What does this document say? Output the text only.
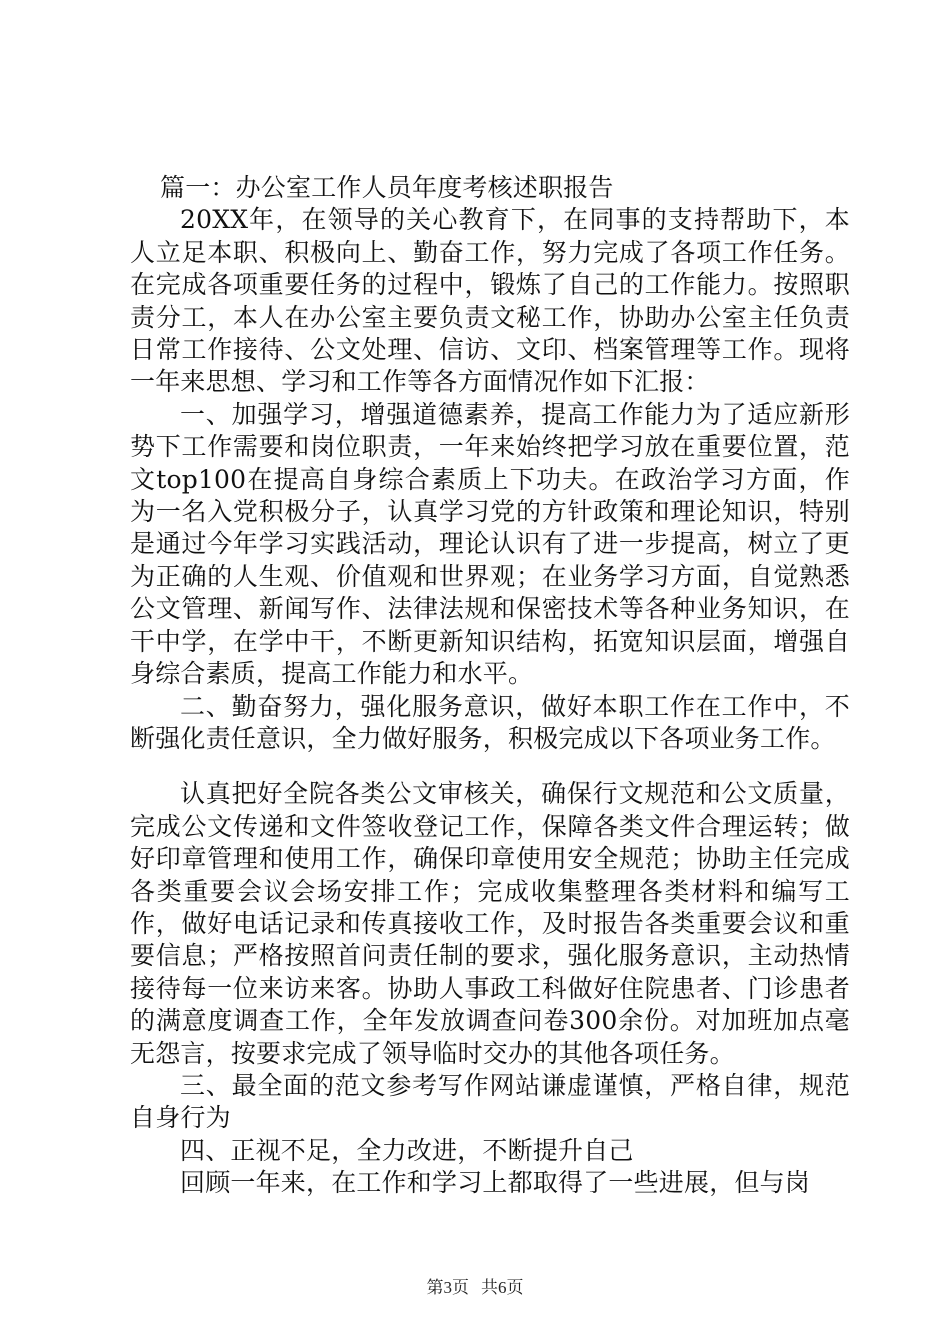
篇一：办公室工作人员年度考核述职报告

20XX年，在领导的关心教育下，在同事的支持帮助下，本人立足本职、积极向上、勤奋工作，努力完成了各项工作任务。在完成各项重要任务的过程中，锻炼了自己的工作能力。按照职责分工，本人在办公室主要负责文秘工作，协助办公室主任负责日常工作接待、公文处理、信访、文印、档案管理等工作。现将一年来思想、学习和工作等各方面情况作如下汇报：

一、加强学习，增强道德素养，提高工作能力为了适应新形势下工作需要和岗位职责，一年来始终把学习放在重要位置，范文top100在提高自身综合素质上下功夫。在政治学习方面，作为一名入党积极分子，认真学习党的方针政策和理论知识，特别是通过今年学习实践活动，理论认识有了进一步提高，树立了更为正确的人生观、价值观和世界观；在业务学习方面，自觉熟悉公文管理、新闻写作、法律法规和保密技术等各种业务知识，在干中学，在学中干，不断更新知识结构，拓宽知识层面，增强自身综合素质，提高工作能力和水平。

二、勤奋努力，强化服务意识，做好本职工作在工作中，不断强化责任意识，全力做好服务，积极完成以下各项业务工作。

认真把好全院各类公文审核关，确保行文规范和公文质量，完成公文传递和文件签收登记工作，保障各类文件合理运转；做好印章管理和使用工作，确保印章使用安全规范；协助主任完成各类重要会议会场安排工作；完成收集整理各类材料和编写工作，做好电话记录和传真接收工作，及时报告各类重要会议和重要信息；严格按照首问责任制的要求，强化服务意识，主动热情接待每一位来访来客。协助人事政工科做好住院患者、门诊患者的满意度调查工作，全年发放调查问卷300余份。对加班加点毫无怨言，按要求完成了领导临时交办的其他各项任务。

三、最全面的范文参考写作网站谦虚谨慎，严格自律，规范自身行为

四、正视不足，全力改进，不断提升自己

回顾一年来，在工作和学习上都取得了一些进展，但与岗

第3页 共6页
